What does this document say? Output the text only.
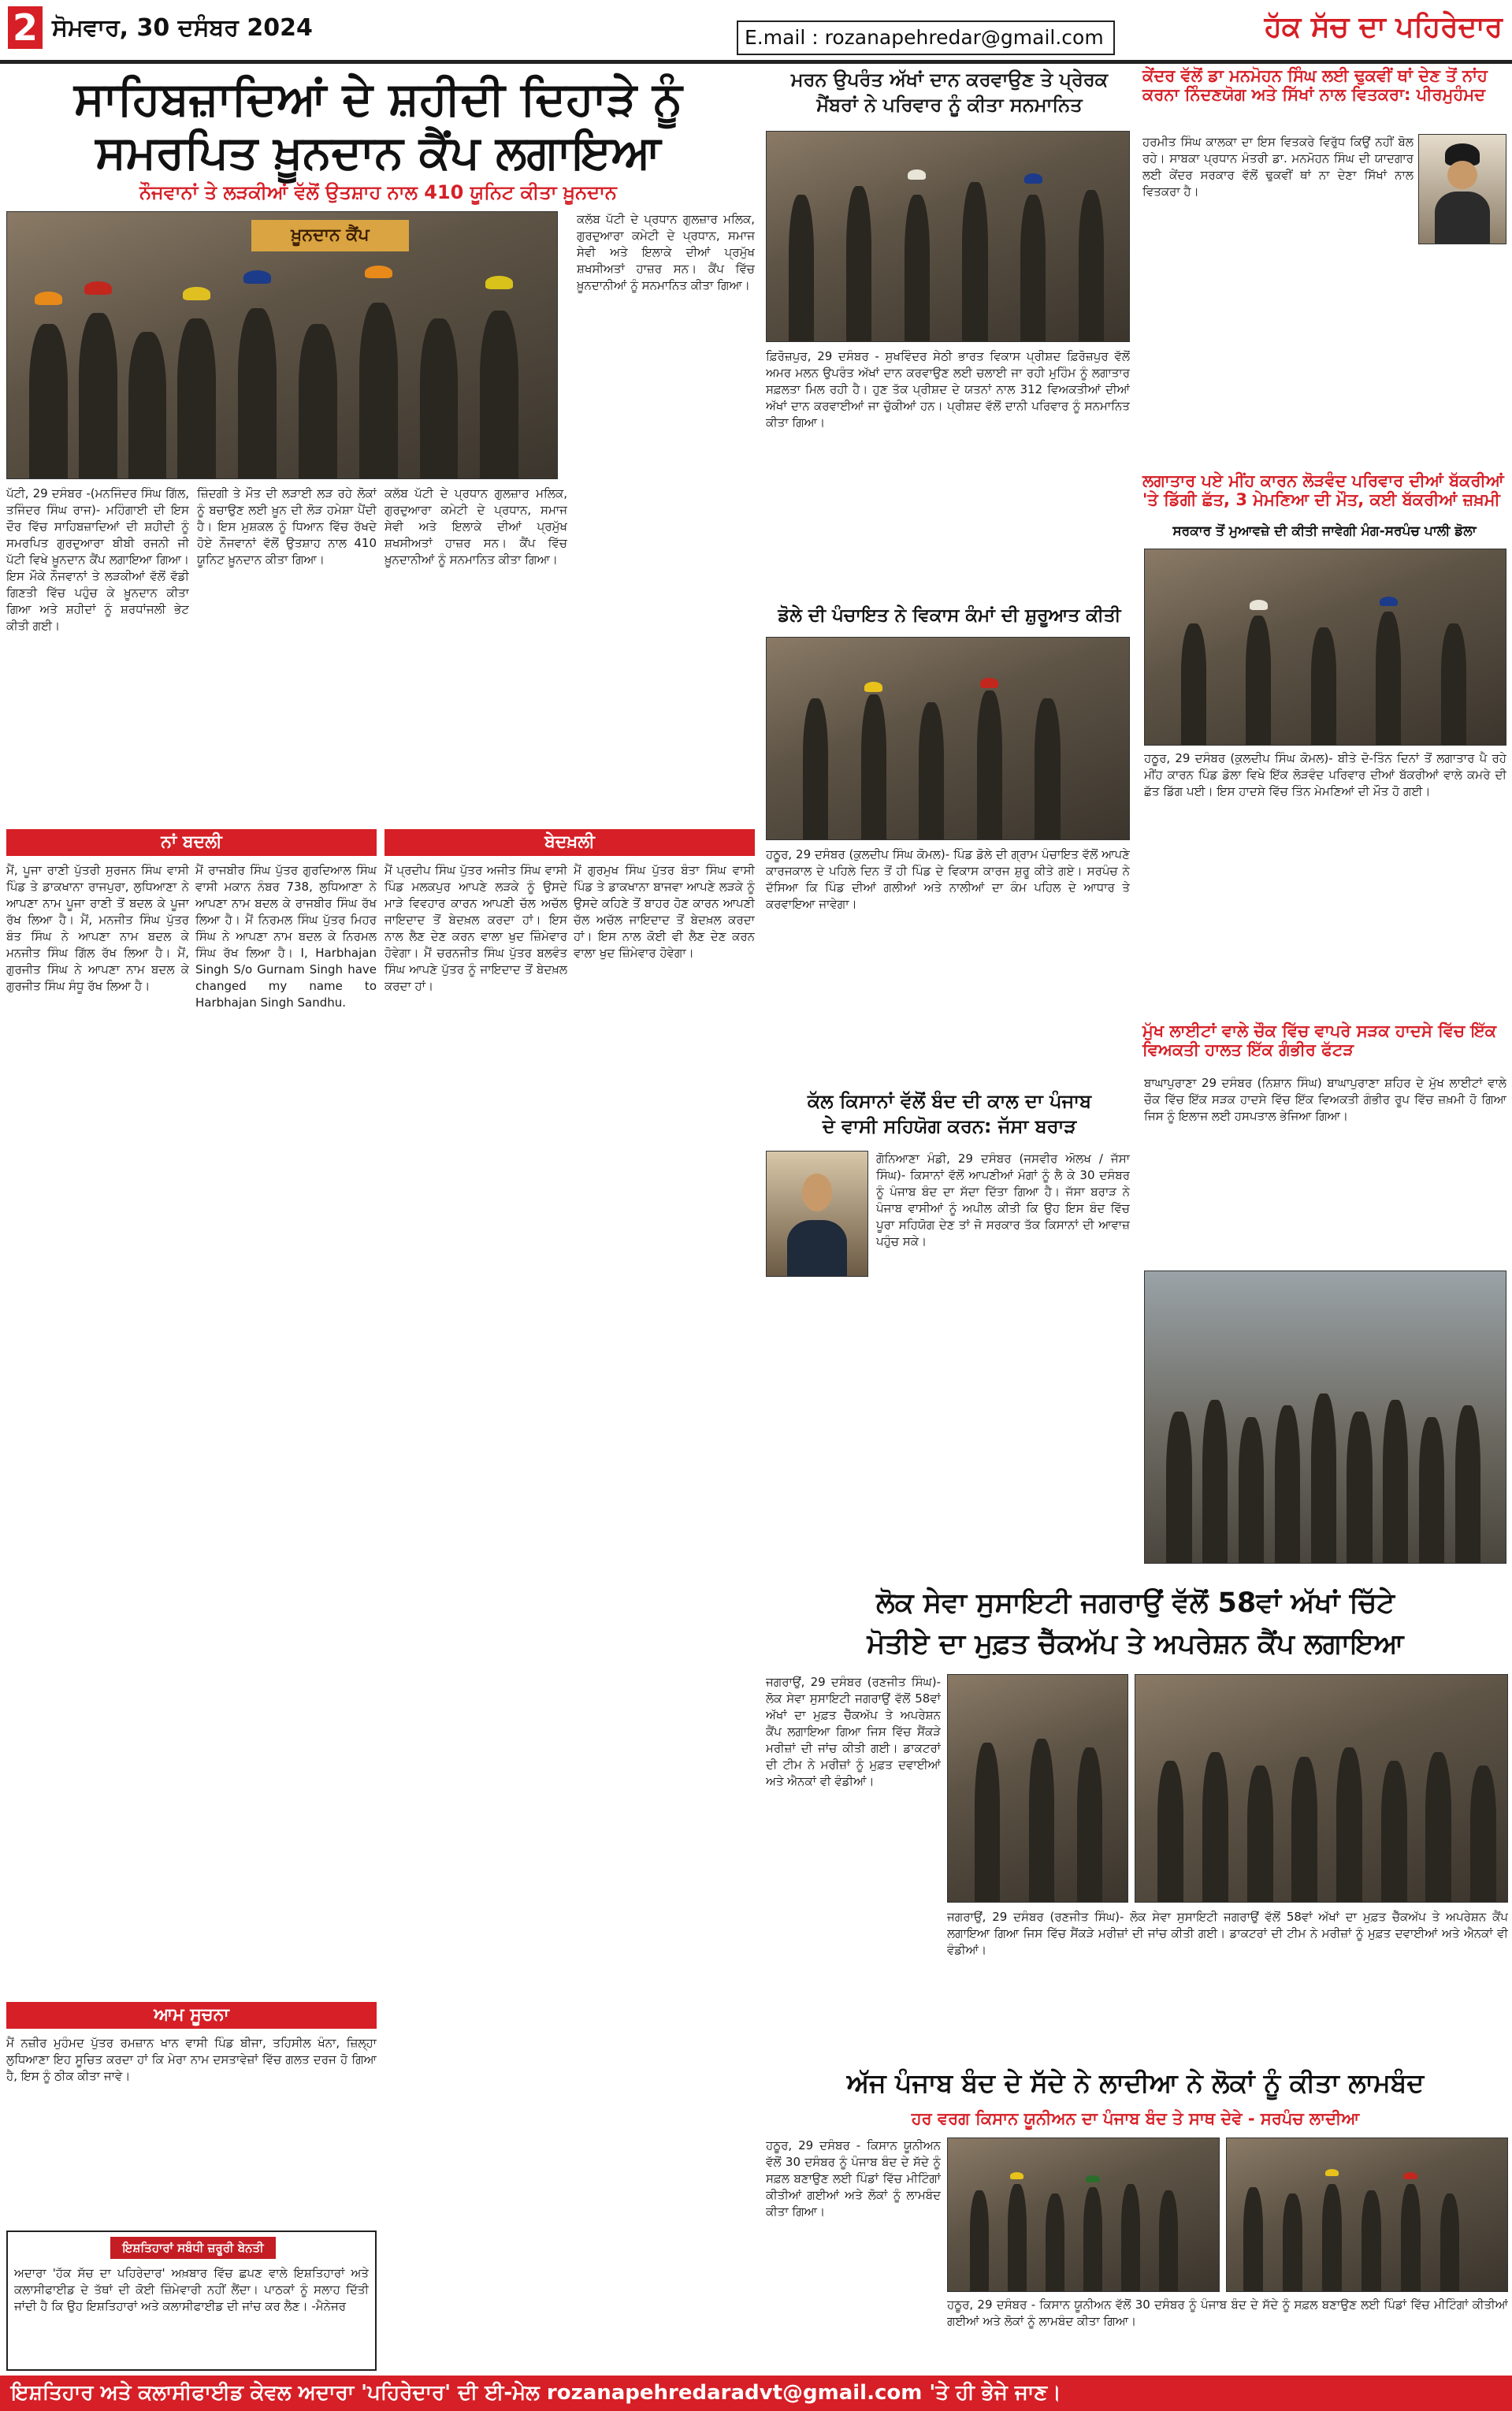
2 ਸੋਮਵਾਰ, 30 ਦਸੰਬਰ 2024	E.mail : rozanapehredar@gmail.com	ਹੱਕ ਸੱਚ ਦਾ ਪਹਿਰੇਦਾਰ
ਸਾਹਿਬਜ਼ਾਦਿਆਂ ਦੇ ਸ਼ਹੀਦੀ ਦਿਹਾੜੇ ਨੂੰ
ਸਮਰਪਿਤ ਖ਼ੂਨਦਾਨ ਕੈਂਪ ਲਗਾਇਆ
ਨੌਜਵਾਨਾਂ ਤੇ ਲੜਕੀਆਂ ਵੱਲੋਂ ਉਤਸ਼ਾਹ ਨਾਲ 410 ਯੂਨਿਟ ਕੀਤਾ ਖ਼ੂਨਦਾਨ
ਖ਼ੂਨਦਾਨ ਕੈਂਪ
ਪੱਟੀ, 29 ਦਸੰਬਰ -(ਮਨਜਿੰਦਰ ਸਿੰਘ ਗਿੱਲ, ਤਜਿੰਦਰ ਸਿੰਘ ਰਾਜ)- ਮਹਿੰਗਾਈ ਦੀ ਇਸ ਦੌਰ ਵਿੱਚ ਸਾਹਿਬਜ਼ਾਦਿਆਂ ਦੀ ਸ਼ਹੀਦੀ ਨੂੰ ਸਮਰਪਿਤ ਗੁਰਦੁਆਰਾ ਬੀਬੀ ਰਜਨੀ ਜੀ ਪੱਟੀ ਵਿਖੇ ਖ਼ੂਨਦਾਨ ਕੈਂਪ ਲਗਾਇਆ ਗਿਆ। ਇਸ ਮੌਕੇ ਨੌਜਵਾਨਾਂ ਤੇ ਲੜਕੀਆਂ ਵੱਲੋਂ ਵੱਡੀ ਗਿਣਤੀ ਵਿੱਚ ਪਹੁੰਚ ਕੇ ਖ਼ੂਨਦਾਨ ਕੀਤਾ ਗਿਆ ਅਤੇ ਸ਼ਹੀਦਾਂ ਨੂੰ ਸ਼ਰਧਾਂਜਲੀ ਭੇਟ ਕੀਤੀ ਗਈ।
ਜ਼ਿੰਦਗੀ ਤੇ ਮੌਤ ਦੀ ਲੜਾਈ ਲੜ ਰਹੇ ਲੋਕਾਂ ਨੂੰ ਬਚਾਉਣ ਲਈ ਖ਼ੂਨ ਦੀ ਲੋੜ ਹਮੇਸ਼ਾ ਪੈਂਦੀ ਹੈ। ਇਸ ਮੁਸ਼ਕਲ ਨੂੰ ਧਿਆਨ ਵਿੱਚ ਰੱਖਦੇ ਹੋਏ ਨੌਜਵਾਨਾਂ ਵੱਲੋਂ ਉਤਸ਼ਾਹ ਨਾਲ 410 ਯੂਨਿਟ ਖ਼ੂਨਦਾਨ ਕੀਤਾ ਗਿਆ।
ਕਲੱਬ ਪੱਟੀ ਦੇ ਪ੍ਰਧਾਨ ਗੁਲਜ਼ਾਰ ਮਲਿਕ, ਗੁਰਦੁਆਰਾ ਕਮੇਟੀ ਦੇ ਪ੍ਰਧਾਨ, ਸਮਾਜ ਸੇਵੀ ਅਤੇ ਇਲਾਕੇ ਦੀਆਂ ਪ੍ਰਮੁੱਖ ਸ਼ਖਸੀਅਤਾਂ ਹਾਜ਼ਰ ਸਨ। ਕੈਂਪ ਵਿੱਚ ਖ਼ੂਨਦਾਨੀਆਂ ਨੂੰ ਸਨਮਾਨਿਤ ਕੀਤਾ ਗਿਆ।
ਕਲੱਬ ਪੱਟੀ ਦੇ ਪ੍ਰਧਾਨ ਗੁਲਜ਼ਾਰ ਮਲਿਕ, ਗੁਰਦੁਆਰਾ ਕਮੇਟੀ ਦੇ ਪ੍ਰਧਾਨ, ਸਮਾਜ ਸੇਵੀ ਅਤੇ ਇਲਾਕੇ ਦੀਆਂ ਪ੍ਰਮੁੱਖ ਸ਼ਖਸੀਅਤਾਂ ਹਾਜ਼ਰ ਸਨ। ਕੈਂਪ ਵਿੱਚ ਖ਼ੂਨਦਾਨੀਆਂ ਨੂੰ ਸਨਮਾਨਿਤ ਕੀਤਾ ਗਿਆ।
ਨਾਂ ਬਦਲੀ	ਬੇਦਖ਼ਲੀ
ਮੈਂ, ਪੂਜਾ ਰਾਣੀ ਪੁੱਤਰੀ ਸੁਰਜਨ ਸਿੰਘ ਵਾਸੀ ਪਿੰਡ ਤੇ ਡਾਕਖਾਨਾ ਰਾਜਪੁਰਾ, ਲੁਧਿਆਣਾ ਨੇ ਆਪਣਾ ਨਾਮ ਪੂਜਾ ਰਾਣੀ ਤੋਂ ਬਦਲ ਕੇ ਪੂਜਾ ਰੱਖ ਲਿਆ ਹੈ। ਮੈਂ, ਮਨਜੀਤ ਸਿੰਘ ਪੁੱਤਰ ਬੰਤ ਸਿੰਘ ਨੇ ਆਪਣਾ ਨਾਮ ਬਦਲ ਕੇ ਮਨਜੀਤ ਸਿੰਘ ਗਿੱਲ ਰੱਖ ਲਿਆ ਹੈ। ਮੈਂ, ਗੁਰਜੀਤ ਸਿੰਘ ਨੇ ਆਪਣਾ ਨਾਮ ਬਦਲ ਕੇ ਗੁਰਜੀਤ ਸਿੰਘ ਸੰਧੂ ਰੱਖ ਲਿਆ ਹੈ।
ਮੈਂ ਰਾਜਬੀਰ ਸਿੰਘ ਪੁੱਤਰ ਗੁਰਦਿਆਲ ਸਿੰਘ ਵਾਸੀ ਮਕਾਨ ਨੰਬਰ 738, ਲੁਧਿਆਣਾ ਨੇ ਆਪਣਾ ਨਾਮ ਬਦਲ ਕੇ ਰਾਜਬੀਰ ਸਿੰਘ ਰੱਖ ਲਿਆ ਹੈ। ਮੈਂ ਨਿਰਮਲ ਸਿੰਘ ਪੁੱਤਰ ਮਿਹਰ ਸਿੰਘ ਨੇ ਆਪਣਾ ਨਾਮ ਬਦਲ ਕੇ ਨਿਰਮਲ ਸਿੰਘ ਰੱਖ ਲਿਆ ਹੈ। I, Harbhajan Singh S/o Gurnam Singh have changed my name to Harbhajan Singh Sandhu.
ਮੈਂ ਪ੍ਰਦੀਪ ਸਿੰਘ ਪੁੱਤਰ ਅਜੀਤ ਸਿੰਘ ਵਾਸੀ ਪਿੰਡ ਮਲਕਪੁਰ ਆਪਣੇ ਲੜਕੇ ਨੂੰ ਉਸਦੇ ਮਾੜੇ ਵਿਵਹਾਰ ਕਾਰਨ ਆਪਣੀ ਚੱਲ ਅਚੱਲ ਜਾਇਦਾਦ ਤੋਂ ਬੇਦਖ਼ਲ ਕਰਦਾ ਹਾਂ। ਇਸ ਨਾਲ ਲੈਣ ਦੇਣ ਕਰਨ ਵਾਲਾ ਖੁਦ ਜ਼ਿੰਮੇਵਾਰ ਹੋਵੇਗਾ। ਮੈਂ ਚਰਨਜੀਤ ਸਿੰਘ ਪੁੱਤਰ ਬਲਵੰਤ ਸਿੰਘ ਆਪਣੇ ਪੁੱਤਰ ਨੂੰ ਜਾਇਦਾਦ ਤੋਂ ਬੇਦਖ਼ਲ ਕਰਦਾ ਹਾਂ।
ਮੈਂ ਗੁਰਮੁਖ ਸਿੰਘ ਪੁੱਤਰ ਬੰਤਾ ਸਿੰਘ ਵਾਸੀ ਪਿੰਡ ਤੇ ਡਾਕਖਾਨਾ ਬਾਜਵਾ ਆਪਣੇ ਲੜਕੇ ਨੂੰ ਉਸਦੇ ਕਹਿਣੇ ਤੋਂ ਬਾਹਰ ਹੋਣ ਕਾਰਨ ਆਪਣੀ ਚੱਲ ਅਚੱਲ ਜਾਇਦਾਦ ਤੋਂ ਬੇਦਖ਼ਲ ਕਰਦਾ ਹਾਂ। ਇਸ ਨਾਲ ਕੋਈ ਵੀ ਲੈਣ ਦੇਣ ਕਰਨ ਵਾਲਾ ਖੁਦ ਜ਼ਿੰਮੇਵਾਰ ਹੋਵੇਗਾ।
ਆਮ ਸੂਚਨਾ
ਮੈਂ ਨਜ਼ੀਰ ਮੁਹੰਮਦ ਪੁੱਤਰ ਰਮਜ਼ਾਨ ਖਾਨ ਵਾਸੀ ਪਿੰਡ ਬੀਜਾ, ਤਹਿਸੀਲ ਖੰਨਾ, ਜ਼ਿਲ੍ਹਾ ਲੁਧਿਆਣਾ ਇਹ ਸੂਚਿਤ ਕਰਦਾ ਹਾਂ ਕਿ ਮੇਰਾ ਨਾਮ ਦਸਤਾਵੇਜ਼ਾਂ ਵਿੱਚ ਗਲਤ ਦਰਜ ਹੋ ਗਿਆ ਹੈ, ਇਸ ਨੂੰ ਠੀਕ ਕੀਤਾ ਜਾਵੇ।
ਇਸ਼ਤਿਹਾਰਾਂ ਸਬੰਧੀ ਜ਼ਰੂਰੀ ਬੇਨਤੀ
ਅਦਾਰਾ 'ਹੱਕ ਸੱਚ ਦਾ ਪਹਿਰੇਦਾਰ' ਅਖ਼ਬਾਰ ਵਿੱਚ ਛਪਣ ਵਾਲੇ ਇਸ਼ਤਿਹਾਰਾਂ ਅਤੇ ਕਲਾਸੀਫਾਈਡ ਦੇ ਤੱਥਾਂ ਦੀ ਕੋਈ ਜ਼ਿੰਮੇਵਾਰੀ ਨਹੀਂ ਲੈਂਦਾ। ਪਾਠਕਾਂ ਨੂੰ ਸਲਾਹ ਦਿੱਤੀ ਜਾਂਦੀ ਹੈ ਕਿ ਉਹ ਇਸ਼ਤਿਹਾਰਾਂ ਅਤੇ ਕਲਾਸੀਫਾਈਡ ਦੀ ਜਾਂਚ ਕਰ ਲੈਣ। -ਮੈਨੇਜਰ
ਮਰਨ ਉਪਰੰਤ ਅੱਖਾਂ ਦਾਨ ਕਰਵਾਉਣ ਤੇ ਪ੍ਰੇਰਕ
ਮੈਂਬਰਾਂ ਨੇ ਪਰਿਵਾਰ ਨੂੰ ਕੀਤਾ ਸਨਮਾਨਿਤ
ਫ਼ਿਰੋਜ਼ਪੁਰ, 29 ਦਸੰਬਰ - ਸੁਖਵਿੰਦਰ ਸੇਠੀ ਭਾਰਤ ਵਿਕਾਸ ਪ੍ਰੀਸ਼ਦ ਫ਼ਿਰੋਜ਼ਪੁਰ ਵੱਲੋਂ ਅਮਰ ਮਲਨ ਉਪਰੰਤ ਅੱਖਾਂ ਦਾਨ ਕਰਵਾਉਣ ਲਈ ਚਲਾਈ ਜਾ ਰਹੀ ਮੁਹਿੰਮ ਨੂੰ ਲਗਾਤਾਰ ਸਫ਼ਲਤਾ ਮਿਲ ਰਹੀ ਹੈ। ਹੁਣ ਤੱਕ ਪ੍ਰੀਸ਼ਦ ਦੇ ਯਤਨਾਂ ਨਾਲ 312 ਵਿਅਕਤੀਆਂ ਦੀਆਂ ਅੱਖਾਂ ਦਾਨ ਕਰਵਾਈਆਂ ਜਾ ਚੁੱਕੀਆਂ ਹਨ। ਪ੍ਰੀਸ਼ਦ ਵੱਲੋਂ ਦਾਨੀ ਪਰਿਵਾਰ ਨੂੰ ਸਨਮਾਨਿਤ ਕੀਤਾ ਗਿਆ।
ਡੋਲੇ ਦੀ ਪੰਚਾਇਤ ਨੇ ਵਿਕਾਸ ਕੰਮਾਂ ਦੀ ਸ਼ੁਰੂਆਤ ਕੀਤੀ
ਹਠੂਰ, 29 ਦਸੰਬਰ (ਕੁਲਦੀਪ ਸਿੰਘ ਕੋਮਲ)- ਪਿੰਡ ਡੋਲੇ ਦੀ ਗ੍ਰਾਮ ਪੰਚਾਇਤ ਵੱਲੋਂ ਆਪਣੇ ਕਾਰਜਕਾਲ ਦੇ ਪਹਿਲੇ ਦਿਨ ਤੋਂ ਹੀ ਪਿੰਡ ਦੇ ਵਿਕਾਸ ਕਾਰਜ ਸ਼ੁਰੂ ਕੀਤੇ ਗਏ। ਸਰਪੰਚ ਨੇ ਦੱਸਿਆ ਕਿ ਪਿੰਡ ਦੀਆਂ ਗਲੀਆਂ ਅਤੇ ਨਾਲੀਆਂ ਦਾ ਕੰਮ ਪਹਿਲ ਦੇ ਆਧਾਰ ਤੇ ਕਰਵਾਇਆ ਜਾਵੇਗਾ।
ਕੱਲ ਕਿਸਾਨਾਂ ਵੱਲੋਂ ਬੰਦ ਦੀ ਕਾਲ ਦਾ ਪੰਜਾਬ
ਦੇ ਵਾਸੀ ਸਹਿਯੋਗ ਕਰਨ: ਜੱਸਾ ਬਰਾੜ
ਗੋਨਿਆਣਾ ਮੰਡੀ, 29 ਦਸੰਬਰ (ਜਸਵੀਰ ਅੋਲਖ / ਜੱਸਾ ਸਿੰਘ)- ਕਿਸਾਨਾਂ ਵੱਲੋਂ ਆਪਣੀਆਂ ਮੰਗਾਂ ਨੂੰ ਲੈ ਕੇ 30 ਦਸੰਬਰ ਨੂੰ ਪੰਜਾਬ ਬੰਦ ਦਾ ਸੱਦਾ ਦਿੱਤਾ ਗਿਆ ਹੈ। ਜੱਸਾ ਬਰਾੜ ਨੇ ਪੰਜਾਬ ਵਾਸੀਆਂ ਨੂੰ ਅਪੀਲ ਕੀਤੀ ਕਿ ਉਹ ਇਸ ਬੰਦ ਵਿੱਚ ਪੂਰਾ ਸਹਿਯੋਗ ਦੇਣ ਤਾਂ ਜੋ ਸਰਕਾਰ ਤੱਕ ਕਿਸਾਨਾਂ ਦੀ ਆਵਾਜ਼ ਪਹੁੰਚ ਸਕੇ।
ਲੋਕ ਸੇਵਾ ਸੁਸਾਇਟੀ ਜਗਰਾਉਂ ਵੱਲੋਂ 58ਵਾਂ ਅੱਖਾਂ ਚਿੱਟੇ
ਮੋਤੀਏ ਦਾ ਮੁਫ਼ਤ ਚੈੱਕਅੱਪ ਤੇ ਅਪਰੇਸ਼ਨ ਕੈਂਪ ਲਗਾਇਆ
ਜਗਰਾਉਂ, 29 ਦਸੰਬਰ (ਰਣਜੀਤ ਸਿੰਘ)- ਲੋਕ ਸੇਵਾ ਸੁਸਾਇਟੀ ਜਗਰਾਉਂ ਵੱਲੋਂ 58ਵਾਂ ਅੱਖਾਂ ਦਾ ਮੁਫ਼ਤ ਚੈੱਕਅੱਪ ਤੇ ਅਪਰੇਸ਼ਨ ਕੈਂਪ ਲਗਾਇਆ ਗਿਆ ਜਿਸ ਵਿੱਚ ਸੈਂਕੜੇ ਮਰੀਜ਼ਾਂ ਦੀ ਜਾਂਚ ਕੀਤੀ ਗਈ। ਡਾਕਟਰਾਂ ਦੀ ਟੀਮ ਨੇ ਮਰੀਜ਼ਾਂ ਨੂੰ ਮੁਫ਼ਤ ਦਵਾਈਆਂ ਅਤੇ ਐਨਕਾਂ ਵੀ ਵੰਡੀਆਂ।
ਜਗਰਾਉਂ, 29 ਦਸੰਬਰ (ਰਣਜੀਤ ਸਿੰਘ)- ਲੋਕ ਸੇਵਾ ਸੁਸਾਇਟੀ ਜਗਰਾਉਂ ਵੱਲੋਂ 58ਵਾਂ ਅੱਖਾਂ ਦਾ ਮੁਫ਼ਤ ਚੈੱਕਅੱਪ ਤੇ ਅਪਰੇਸ਼ਨ ਕੈਂਪ ਲਗਾਇਆ ਗਿਆ ਜਿਸ ਵਿੱਚ ਸੈਂਕੜੇ ਮਰੀਜ਼ਾਂ ਦੀ ਜਾਂਚ ਕੀਤੀ ਗਈ। ਡਾਕਟਰਾਂ ਦੀ ਟੀਮ ਨੇ ਮਰੀਜ਼ਾਂ ਨੂੰ ਮੁਫ਼ਤ ਦਵਾਈਆਂ ਅਤੇ ਐਨਕਾਂ ਵੀ ਵੰਡੀਆਂ।
ਅੱਜ ਪੰਜਾਬ ਬੰਦ ਦੇ ਸੱਦੇ ਨੇ ਲਾਦੀਆ ਨੇ ਲੋਕਾਂ ਨੂੰ ਕੀਤਾ ਲਾਮਬੰਦ
ਹਰ ਵਰਗ ਕਿਸਾਨ ਯੂਨੀਅਨ ਦਾ ਪੰਜਾਬ ਬੰਦ ਤੇ ਸਾਥ ਦੇਵੇ - ਸਰਪੰਚ ਲਾਦੀਆ
ਹਠੂਰ, 29 ਦਸੰਬਰ - ਕਿਸਾਨ ਯੂਨੀਅਨ ਵੱਲੋਂ 30 ਦਸੰਬਰ ਨੂੰ ਪੰਜਾਬ ਬੰਦ ਦੇ ਸੱਦੇ ਨੂੰ ਸਫ਼ਲ ਬਣਾਉਣ ਲਈ ਪਿੰਡਾਂ ਵਿੱਚ ਮੀਟਿੰਗਾਂ ਕੀਤੀਆਂ ਗਈਆਂ ਅਤੇ ਲੋਕਾਂ ਨੂੰ ਲਾਮਬੰਦ ਕੀਤਾ ਗਿਆ।
ਹਠੂਰ, 29 ਦਸੰਬਰ - ਕਿਸਾਨ ਯੂਨੀਅਨ ਵੱਲੋਂ 30 ਦਸੰਬਰ ਨੂੰ ਪੰਜਾਬ ਬੰਦ ਦੇ ਸੱਦੇ ਨੂੰ ਸਫ਼ਲ ਬਣਾਉਣ ਲਈ ਪਿੰਡਾਂ ਵਿੱਚ ਮੀਟਿੰਗਾਂ ਕੀਤੀਆਂ ਗਈਆਂ ਅਤੇ ਲੋਕਾਂ ਨੂੰ ਲਾਮਬੰਦ ਕੀਤਾ ਗਿਆ।
ਕੇਂਦਰ ਵੱਲੋਂ ਡਾ ਮਨਮੋਹਨ ਸਿੰਘ ਲਈ ਢੁਕਵੀਂ ਥਾਂ ਦੇਣ ਤੋਂ ਨਾਂਹ ਕਰਨਾ ਨਿੰਦਣਯੋਗ ਅਤੇ ਸਿੱਖਾਂ ਨਾਲ ਵਿਤਕਰਾ: ਪੀਰਮੁਹੰਮਦ
ਹਰਮੀਤ ਸਿੰਘ ਕਾਲਕਾ ਦਾ ਇਸ ਵਿਤਕਰੇ ਵਿਰੁੱਧ ਕਿਉਂ ਨਹੀਂ ਬੋਲ ਰਹੇ। ਸਾਬਕਾ ਪ੍ਰਧਾਨ ਮੰਤਰੀ ਡਾ. ਮਨਮੋਹਨ ਸਿੰਘ ਦੀ ਯਾਦਗਾਰ ਲਈ ਕੇਂਦਰ ਸਰਕਾਰ ਵੱਲੋਂ ਢੁਕਵੀਂ ਥਾਂ ਨਾ ਦੇਣਾ ਸਿੱਖਾਂ ਨਾਲ ਵਿਤਕਰਾ ਹੈ।
ਲਗਾਤਾਰ ਪਏ ਮੀਂਹ ਕਾਰਨ ਲੋੜਵੰਦ ਪਰਿਵਾਰ ਦੀਆਂ ਬੱਕਰੀਆਂ 'ਤੇ ਡਿੱਗੀ ਛੱਤ, 3 ਮੇਮਣਿਆ ਦੀ ਮੌਤ, ਕਈ ਬੱਕਰੀਆਂ ਜ਼ਖ਼ਮੀ
ਸਰਕਾਰ ਤੋਂ ਮੁਆਵਜ਼ੇ ਦੀ ਕੀਤੀ ਜਾਵੇਗੀ ਮੰਗ-ਸਰਪੰਚ ਪਾਲੀ ਡੋਲਾ
ਹਠੂਰ, 29 ਦਸੰਬਰ (ਕੁਲਦੀਪ ਸਿੰਘ ਕੋਮਲ)- ਬੀਤੇ ਦੋ-ਤਿੰਨ ਦਿਨਾਂ ਤੋਂ ਲਗਾਤਾਰ ਪੈ ਰਹੇ ਮੀਂਹ ਕਾਰਨ ਪਿੰਡ ਡੋਲਾ ਵਿਖੇ ਇੱਕ ਲੋੜਵੰਦ ਪਰਿਵਾਰ ਦੀਆਂ ਬੱਕਰੀਆਂ ਵਾਲੇ ਕਮਰੇ ਦੀ ਛੱਤ ਡਿੱਗ ਪਈ। ਇਸ ਹਾਦਸੇ ਵਿੱਚ ਤਿੰਨ ਮੇਮਣਿਆਂ ਦੀ ਮੌਤ ਹੋ ਗਈ।
ਮੁੱਖ ਲਾਈਟਾਂ ਵਾਲੇ ਚੌਕ ਵਿੱਚ ਵਾਪਰੇ ਸੜਕ ਹਾਦਸੇ ਵਿੱਚ ਇੱਕ ਵਿਅਕਤੀ ਹਾਲਤ ਇੱਕ ਗੰਭੀਰ ਫੱਟੜ
ਬਾਘਾਪੁਰਾਣਾ 29 ਦਸੰਬਰ (ਨਿਸ਼ਾਨ ਸਿੰਘ) ਬਾਘਾਪੁਰਾਣਾ ਸ਼ਹਿਰ ਦੇ ਮੁੱਖ ਲਾਈਟਾਂ ਵਾਲੇ ਚੌਕ ਵਿੱਚ ਇੱਕ ਸੜਕ ਹਾਦਸੇ ਵਿੱਚ ਇੱਕ ਵਿਅਕਤੀ ਗੰਭੀਰ ਰੂਪ ਵਿੱਚ ਜ਼ਖ਼ਮੀ ਹੋ ਗਿਆ ਜਿਸ ਨੂੰ ਇਲਾਜ ਲਈ ਹਸਪਤਾਲ ਭੇਜਿਆ ਗਿਆ।
ਇਸ਼ਤਿਹਾਰ ਅਤੇ ਕਲਾਸੀਫਾਈਡ ਕੇਵਲ ਅਦਾਰਾ 'ਪਹਿਰੇਦਾਰ' ਦੀ ਈ-ਮੇਲ rozanapehredaradvt@gmail.com 'ਤੇ ਹੀ ਭੇਜੇ ਜਾਣ।
